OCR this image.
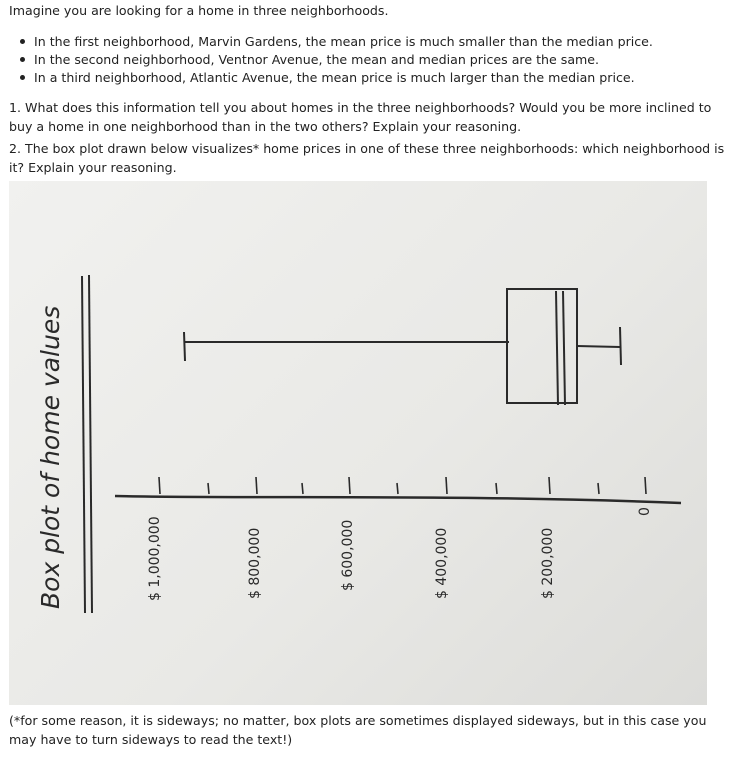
Imagine you are looking for a home in three neighborhoods.
In the first neighborhood, Marvin Gardens, the mean price is much smaller than the median price.
In the second neighborhood, Ventnor Avenue, the mean and median prices are the same.
In a third neighborhood, Atlantic Avenue, the mean price is much larger than the median price.
1. What does this information tell you about homes in the three neighborhoods? Would you be more inclined to buy a home in one neighborhood than in the two others? Explain your reasoning.
2. The box plot drawn below visualizes* home prices in one of these three neighborhoods: which neighborhood is it? Explain your reasoning.
Box plot of home values	$ 1,000,000	$ 800,000	$ 600,000	$ 400,000	$ 200,000
0
(*for some reason, it is sideways; no matter, box plots are sometimes displayed sideways, but in this case you may have to turn sideways to read the text!)
